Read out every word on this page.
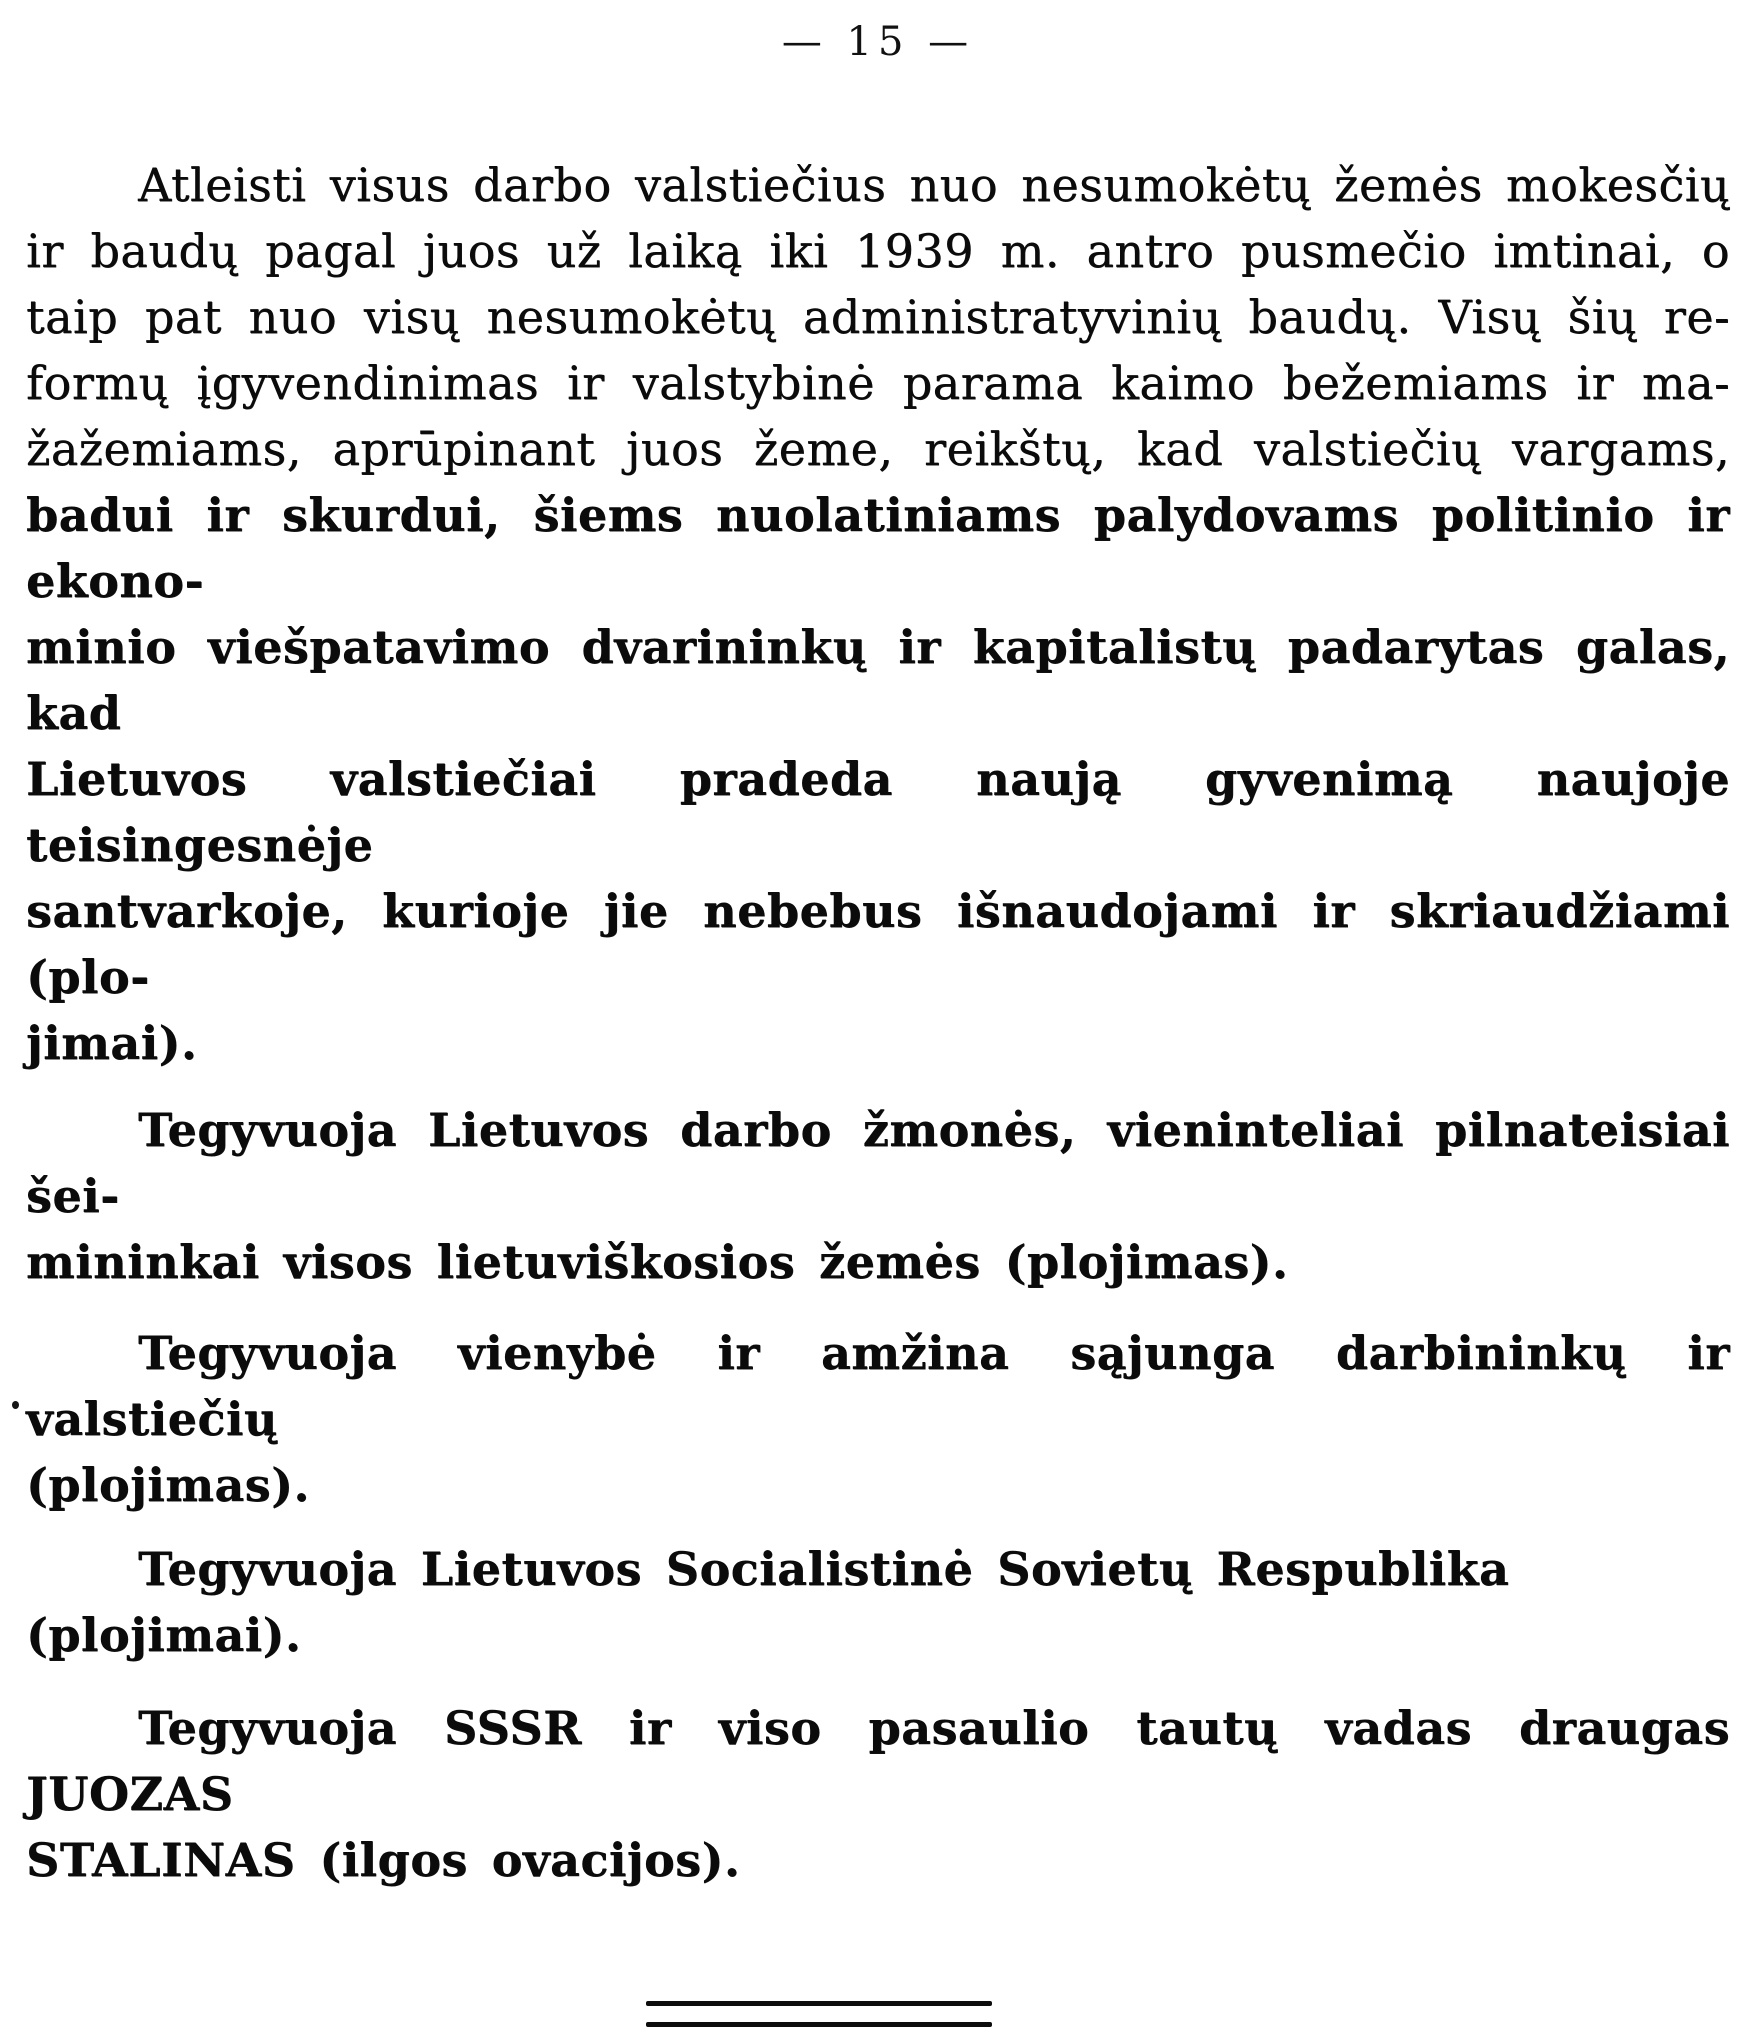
— 15 —
Atleisti visus darbo valstiečius nuo nesumokėtų žemės mokesčių
ir baudų pagal juos už laiką iki 1939 m. antro pusmečio imtinai, o
taip pat nuo visų nesumokėtų administratyvinių baudų. Visų šių re-
formų įgyvendinimas ir valstybinė parama kaimo bežemiams ir ma-
žažemiams, aprūpinant juos žeme, reikštų, kad valstiečių vargams,
badui ir skurdui, šiems nuolatiniams palydovams politinio ir ekono-
minio viešpatavimo dvarininkų ir kapitalistų padarytas galas, kad
Lietuvos valstiečiai pradeda naują gyvenimą naujoje teisingesnėje
santvarkoje, kurioje jie nebebus išnaudojami ir skriaudžiami (plo-
jimai).
Tegyvuoja Lietuvos darbo žmonės, vieninteliai pilnateisiai šei-
mininkai visos lietuviškosios žemės (plojimas).
Tegyvuoja vienybė ir amžina sąjunga darbininkų ir valstiečių
(plojimas).
Tegyvuoja Lietuvos Socialistinė Sovietų Respublika (plojimai).
Tegyvuoja SSSR ir viso pasaulio tautų vadas draugas JUOZAS
STALINAS (ilgos ovacijos).
